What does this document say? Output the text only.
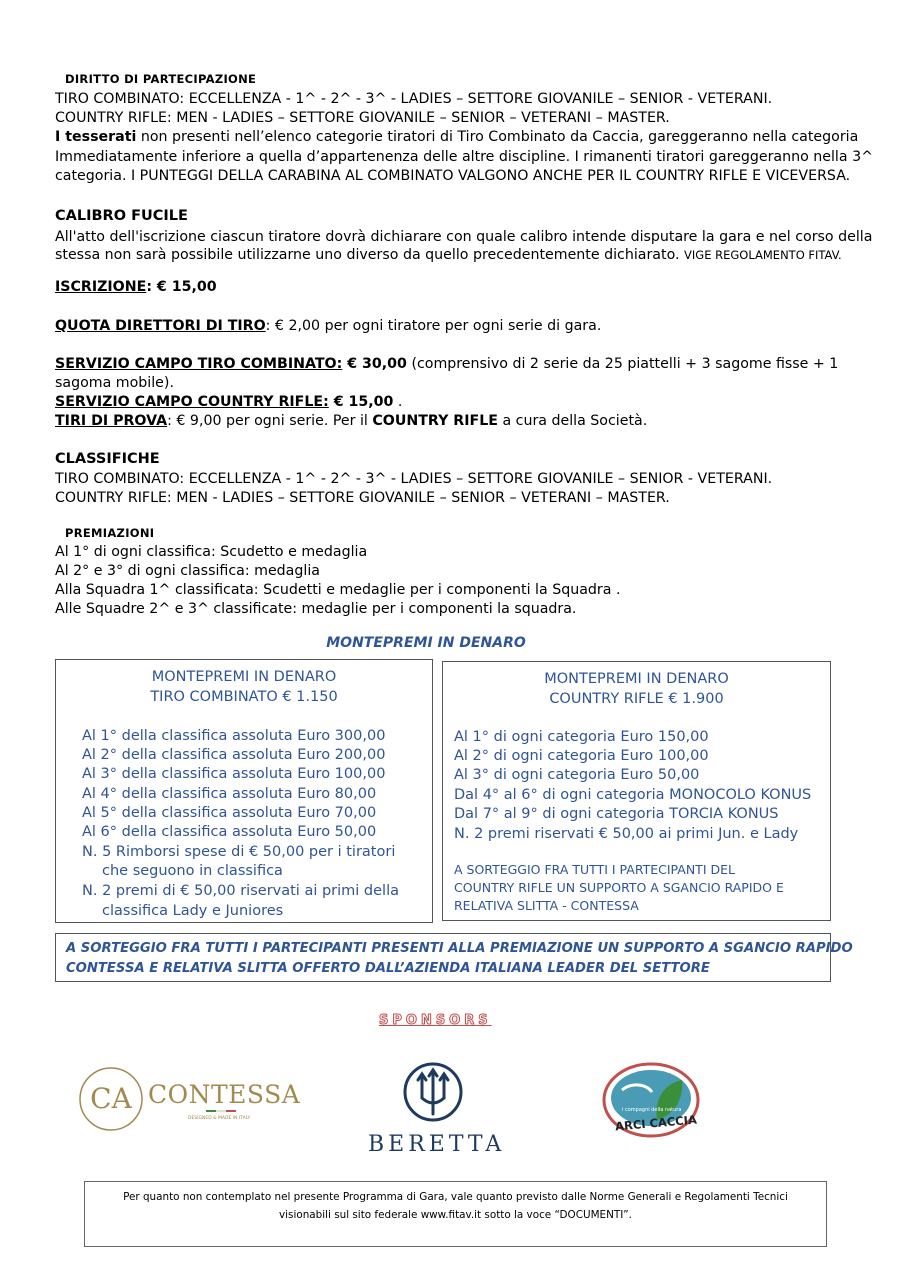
DIRITTO DI PARTECIPAZIONE
TIRO COMBINATO: ECCELLENZA - 1^ - 2^ - 3^ - LADIES – SETTORE GIOVANILE – SENIOR - VETERANI.
COUNTRY RIFLE: MEN - LADIES – SETTORE GIOVANILE – SENIOR – VETERANI – MASTER.
I tesserati non presenti nell’elenco categorie tiratori di Tiro Combinato da Caccia, gareggeranno nella categoria
Immediatamente inferiore a quella d’appartenenza delle altre discipline. I rimanenti tiratori gareggeranno nella 3^
categoria. I PUNTEGGI DELLA CARABINA AL COMBINATO VALGONO ANCHE PER IL COUNTRY RIFLE E VICEVERSA.
CALIBRO FUCILE
All'atto dell'iscrizione ciascun tiratore dovrà dichiarare con quale calibro intende disputare la gara e nel corso della
stessa non sarà possibile utilizzarne uno diverso da quello precedentemente dichiarato. VIGE REGOLAMENTO FITAV.
ISCRIZIONE: € 15,00
QUOTA DIRETTORI DI TIRO: € 2,00 per ogni tiratore per ogni serie di gara.
SERVIZIO CAMPO TIRO COMBINATO: € 30,00 (comprensivo di 2 serie da 25 piattelli + 3 sagome fisse + 1
sagoma mobile).
SERVIZIO CAMPO COUNTRY RIFLE: € 15,00 .
TIRI DI PROVA: € 9,00 per ogni serie. Per il COUNTRY RIFLE a cura della Società.
CLASSIFICHE
TIRO COMBINATO: ECCELLENZA - 1^ - 2^ - 3^ - LADIES – SETTORE GIOVANILE – SENIOR - VETERANI.
COUNTRY RIFLE: MEN - LADIES – SETTORE GIOVANILE – SENIOR – VETERANI – MASTER.
PREMIAZIONI
Al 1° di ogni classifica: Scudetto e medaglia
Al 2° e 3° di ogni classifica: medaglia
Alla Squadra 1^ classificata: Scudetti e medaglie per i componenti la Squadra .
Alle Squadre 2^ e 3^ classificate: medaglie per i componenti la squadra.
MONTEPREMI IN DENARO
MONTEPREMI IN DENARO
TIRO COMBINATO € 1.150
Al 1° della classifica assoluta Euro 300,00
Al 2° della classifica assoluta Euro 200,00
Al 3° della classifica assoluta Euro 100,00
Al 4° della classifica assoluta Euro 80,00
Al 5° della classifica assoluta Euro 70,00
Al 6° della classifica assoluta Euro 50,00
N. 5 Rimborsi spese di € 50,00 per i tiratori
che seguono in classifica
N. 2 premi di € 50,00 riservati ai primi della
classifica Lady e Juniores
MONTEPREMI IN DENARO
COUNTRY RIFLE € 1.900
Al 1° di ogni categoria Euro 150,00
Al 2° di ogni categoria Euro 100,00
Al 3° di ogni categoria Euro 50,00
Dal 4° al 6° di ogni categoria MONOCOLO KONUS
Dal 7° al 9° di ogni categoria TORCIA KONUS
N. 2 premi riservati € 50,00 ai primi Jun. e Lady
A SORTEGGIO FRA TUTTI I PARTECIPANTI DEL
COUNTRY RIFLE UN SUPPORTO A SGANCIO RAPIDO E
RELATIVA SLITTA - CONTESSA
A SORTEGGIO FRA TUTTI I PARTECIPANTI PRESENTI ALLA PREMIAZIONE UN SUPPORTO A SGANCIO RAPIDO
CONTESSA E RELATIVA SLITTA OFFERTO DALL’AZIENDA ITALIANA LEADER DEL SETTORE
SPONSORS
CA CONTESSA
DESIGNED & MADE IN ITALY
BERETTA
i compagni della natura
ARCI CACCIA
Per quanto non contemplato nel presente Programma di Gara, vale quanto previsto dalle Norme Generali e Regolamenti Tecnici
visionabili sul sito federale www.fitav.it sotto la voce “DOCUMENTI”.
